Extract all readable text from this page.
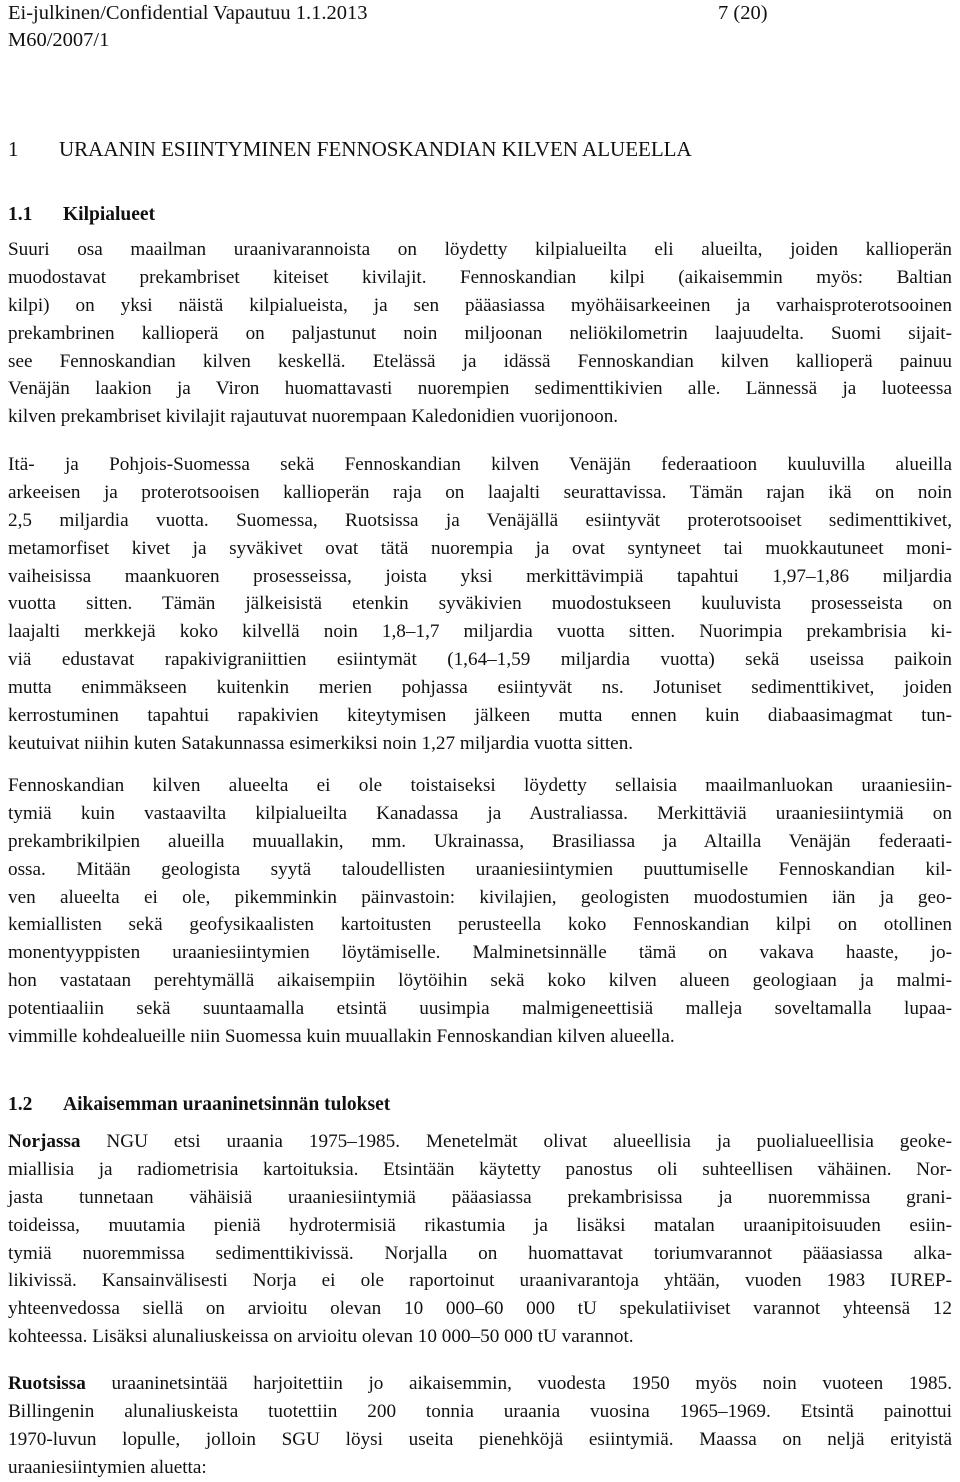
Ei-julkinen/Confidential Vapautuu 1.1.2013	7 (20)
M60/2007/1
1 URAANIN ESIINTYMINEN FENNOSKANDIAN KILVEN ALUEELLA
1.1 Kilpialueet
Suuri osa maailman uraanivarannoista on löydetty kilpialueilta eli alueilta, joiden kallioperän
muodostavat prekambriset kiteiset kivilajit. Fennoskandian kilpi (aikaisemmin myös: Baltian
kilpi) on yksi näistä kilpialueista, ja sen pääasiassa myöhäisarkeeinen ja varhaisproterotsooinen
prekambrinen kallioperä on paljastunut noin miljoonan neliökilometrin laajuudelta. Suomi sijait-
see Fennoskandian kilven keskellä. Etelässä ja idässä Fennoskandian kilven kallioperä painuu
Venäjän laakion ja Viron huomattavasti nuorempien sedimenttikivien alle. Lännessä ja luoteessa
kilven prekambriset kivilajit rajautuvat nuorempaan Kaledonidien vuorijonoon.
Itä- ja Pohjois-Suomessa sekä Fennoskandian kilven Venäjän federaatioon kuuluvilla alueilla
arkeeisen ja proterotsooisen kallioperän raja on laajalti seurattavissa. Tämän rajan ikä on noin
2,5 miljardia vuotta. Suomessa, Ruotsissa ja Venäjällä esiintyvät proterotsooiset sedimenttikivet,
metamorfiset kivet ja syväkivet ovat tätä nuorempia ja ovat syntyneet tai muokkautuneet moni-
vaiheisissa maankuoren prosesseissa, joista yksi merkittävimpiä tapahtui 1,97–1,86 miljardia
vuotta sitten. Tämän jälkeisistä etenkin syväkivien muodostukseen kuuluvista prosesseista on
laajalti merkkejä koko kilvellä noin 1,8–1,7 miljardia vuotta sitten. Nuorimpia prekambrisia ki-
viä edustavat rapakivigraniittien esiintymät (1,64–1,59 miljardia vuotta) sekä useissa paikoin
mutta enimmäkseen kuitenkin merien pohjassa esiintyvät ns. Jotuniset sedimenttikivet, joiden
kerrostuminen tapahtui rapakivien kiteytymisen jälkeen mutta ennen kuin diabaasimagmat tun-
keutuivat niihin kuten Satakunnassa esimerkiksi noin 1,27 miljardia vuotta sitten.
Fennoskandian kilven alueelta ei ole toistaiseksi löydetty sellaisia maailmanluokan uraaniesiin-
tymiä kuin vastaavilta kilpialueilta Kanadassa ja Australiassa. Merkittäviä uraaniesiintymiä on
prekambrikilpien alueilla muuallakin, mm. Ukrainassa, Brasiliassa ja Altailla Venäjän federaati-
ossa. Mitään geologista syytä taloudellisten uraaniesiintymien puuttumiselle Fennoskandian kil-
ven alueelta ei ole, pikemminkin päinvastoin: kivilajien, geologisten muodostumien iän ja geo-
kemiallisten sekä geofysikaalisten kartoitusten perusteella koko Fennoskandian kilpi on otollinen
monentyyppisten uraaniesiintymien löytämiselle. Malminetsinnälle tämä on vakava haaste, jo-
hon vastataan perehtymällä aikaisempiin löytöihin sekä koko kilven alueen geologiaan ja malmi-
potentiaaliin sekä suuntaamalla etsintä uusimpia malmigeneettisiä malleja soveltamalla lupaa-
vimmille kohdealueille niin Suomessa kuin muuallakin Fennoskandian kilven alueella.
1.2 Aikaisemman uraaninetsinnän tulokset
Norjassa NGU etsi uraania 1975–1985. Menetelmät olivat alueellisia ja puolialueellisia geoke-
miallisia ja radiometrisia kartoituksia. Etsintään käytetty panostus oli suhteellisen vähäinen. Nor-
jasta tunnetaan vähäisiä uraaniesiintymiä pääasiassa prekambrisissa ja nuoremmissa grani-
toideissa, muutamia pieniä hydrotermisiä rikastumia ja lisäksi matalan uraanipitoisuuden esiin-
tymiä nuoremmissa sedimenttikivissä. Norjalla on huomattavat toriumvarannot pääasiassa alka-
likivissä. Kansainvälisesti Norja ei ole raportoinut uraanivarantoja yhtään, vuoden 1983 IUREP-
yhteenvedossa siellä on arvioitu olevan 10 000–60 000 tU spekulatiiviset varannot yhteensä 12
kohteessa. Lisäksi alunaliuskeissa on arvioitu olevan 10 000–50 000 tU varannot.
Ruotsissa uraaninetsintää harjoitettiin jo aikaisemmin, vuodesta 1950 myös noin vuoteen 1985.
Billingenin alunaliuskeista tuotettiin 200 tonnia uraania vuosina 1965–1969. Etsintä painottui
1970-luvun lopulle, jolloin SGU löysi useita pienehköjä esiintymiä. Maassa on neljä erityistä
uraaniesiintymien aluetta:
